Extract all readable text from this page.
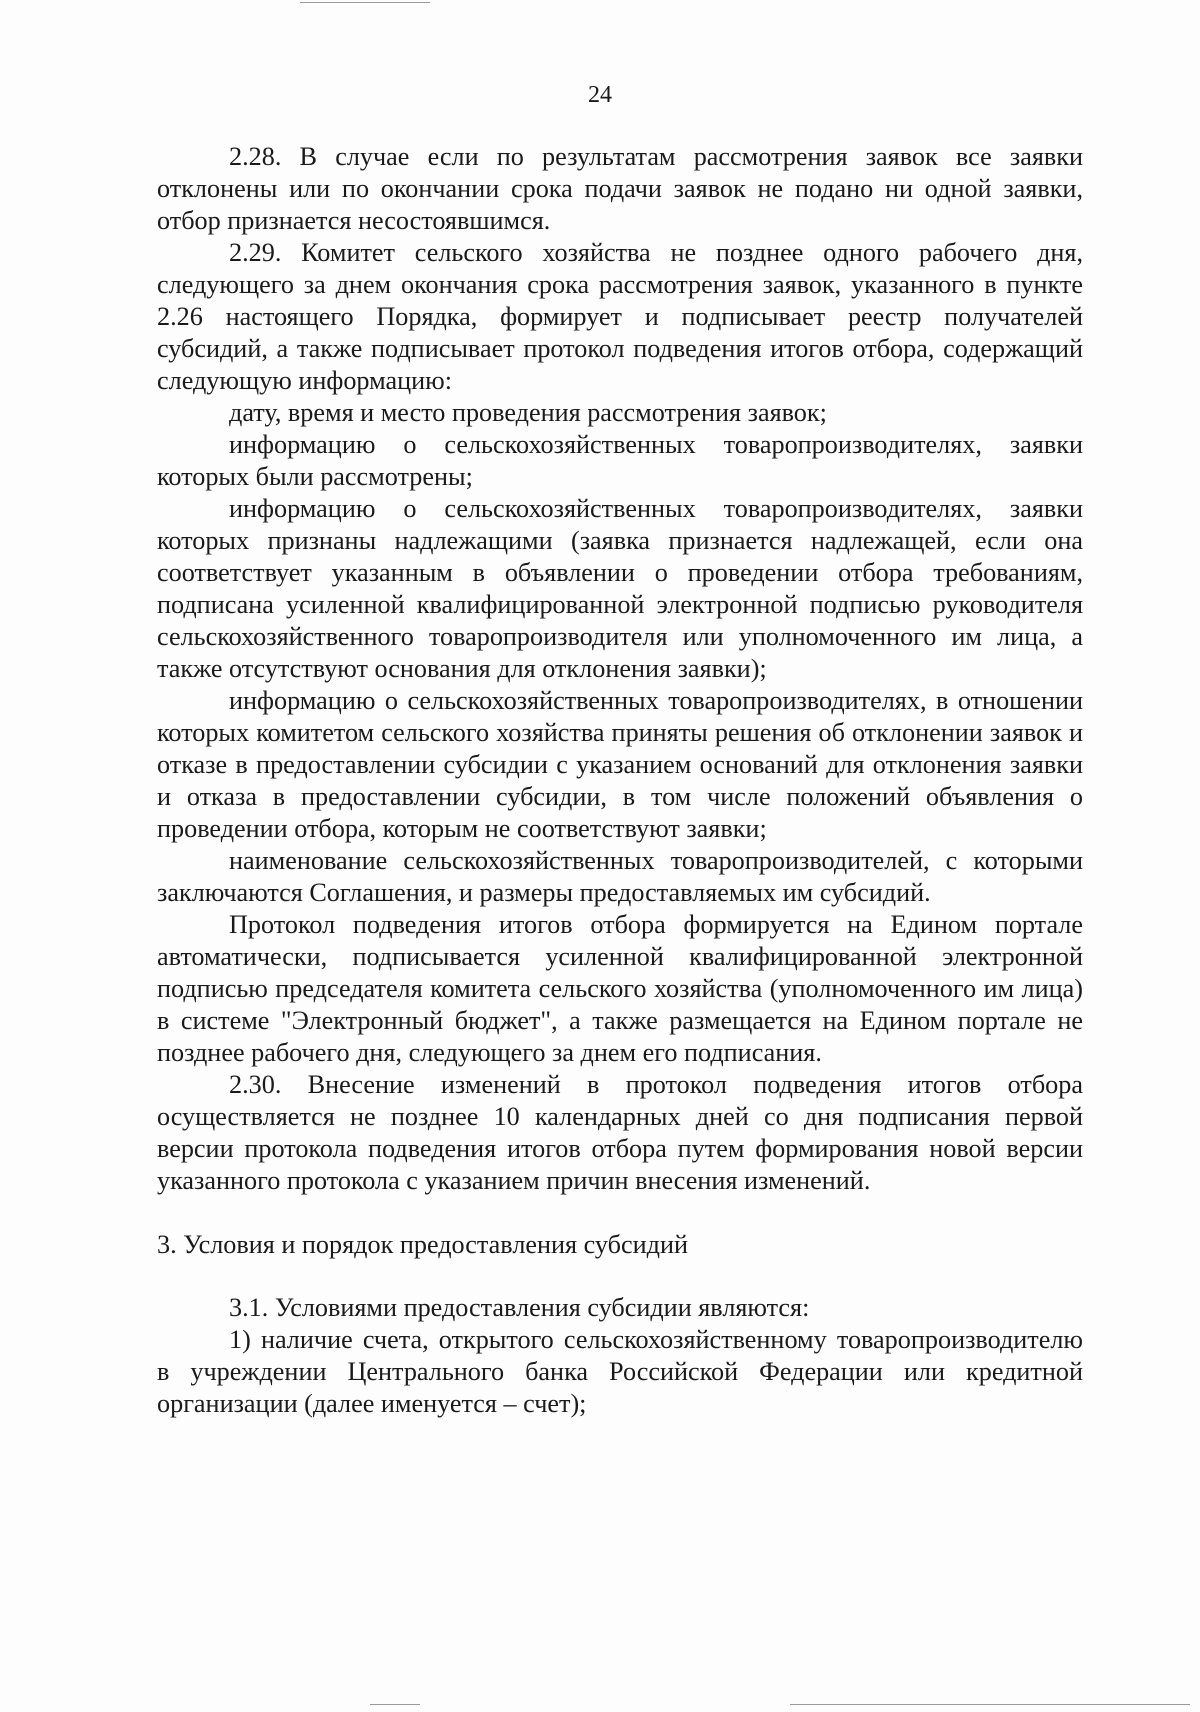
24

2.28. В случае если по результатам рассмотрения заявок все заявки отклонены или по окончании срока подачи заявок не подано ни одной заявки, отбор признается несостоявшимся.

2.29. Комитет сельского хозяйства не позднее одного рабочего дня, следующего за днем окончания срока рассмотрения заявок, указанного в пункте 2.26 настоящего Порядка, формирует и подписывает реестр получателей субсидий, а также подписывает протокол подведения итогов отбора, содержащий следующую информацию:

дату, время и место проведения рассмотрения заявок;

информацию о сельскохозяйственных товаропроизводителях, заявки которых были рассмотрены;

информацию о сельскохозяйственных товаропроизводителях, заявки которых признаны надлежащими (заявка признается надлежащей, если она соответствует указанным в объявлении о проведении отбора требованиям, подписана усиленной квалифицированной электронной подписью руководителя сельскохозяйственного товаропроизводителя или уполномоченного им лица, а также отсутствуют основания для отклонения заявки);

информацию о сельскохозяйственных товаропроизводителях, в отношении которых комитетом сельского хозяйства приняты решения об отклонении заявок и отказе в предоставлении субсидии с указанием оснований для отклонения заявки и отказа в предоставлении субсидии, в том числе положений объявления о проведении отбора, которым не соответствуют заявки;

наименование сельскохозяйственных товаропроизводителей, с которыми заключаются Соглашения, и размеры предоставляемых им субсидий.

Протокол подведения итогов отбора формируется на Едином портале автоматически, подписывается усиленной квалифицированной электронной подписью председателя комитета сельского хозяйства (уполномоченного им лица) в системе "Электронный бюджет", а также размещается на Едином портале не позднее рабочего дня, следующего за днем его подписания.

2.30. Внесение изменений в протокол подведения итогов отбора осуществляется не позднее 10 календарных дней со дня подписания первой версии протокола подведения итогов отбора путем формирования новой версии указанного протокола с указанием причин внесения изменений.

3. Условия и порядок предоставления субсидий

3.1. Условиями предоставления субсидии являются:

1) наличие счета, открытого сельскохозяйственному товаропроизводителю в учреждении Центрального банка Российской Федерации или кредитной организации (далее именуется – счет);
